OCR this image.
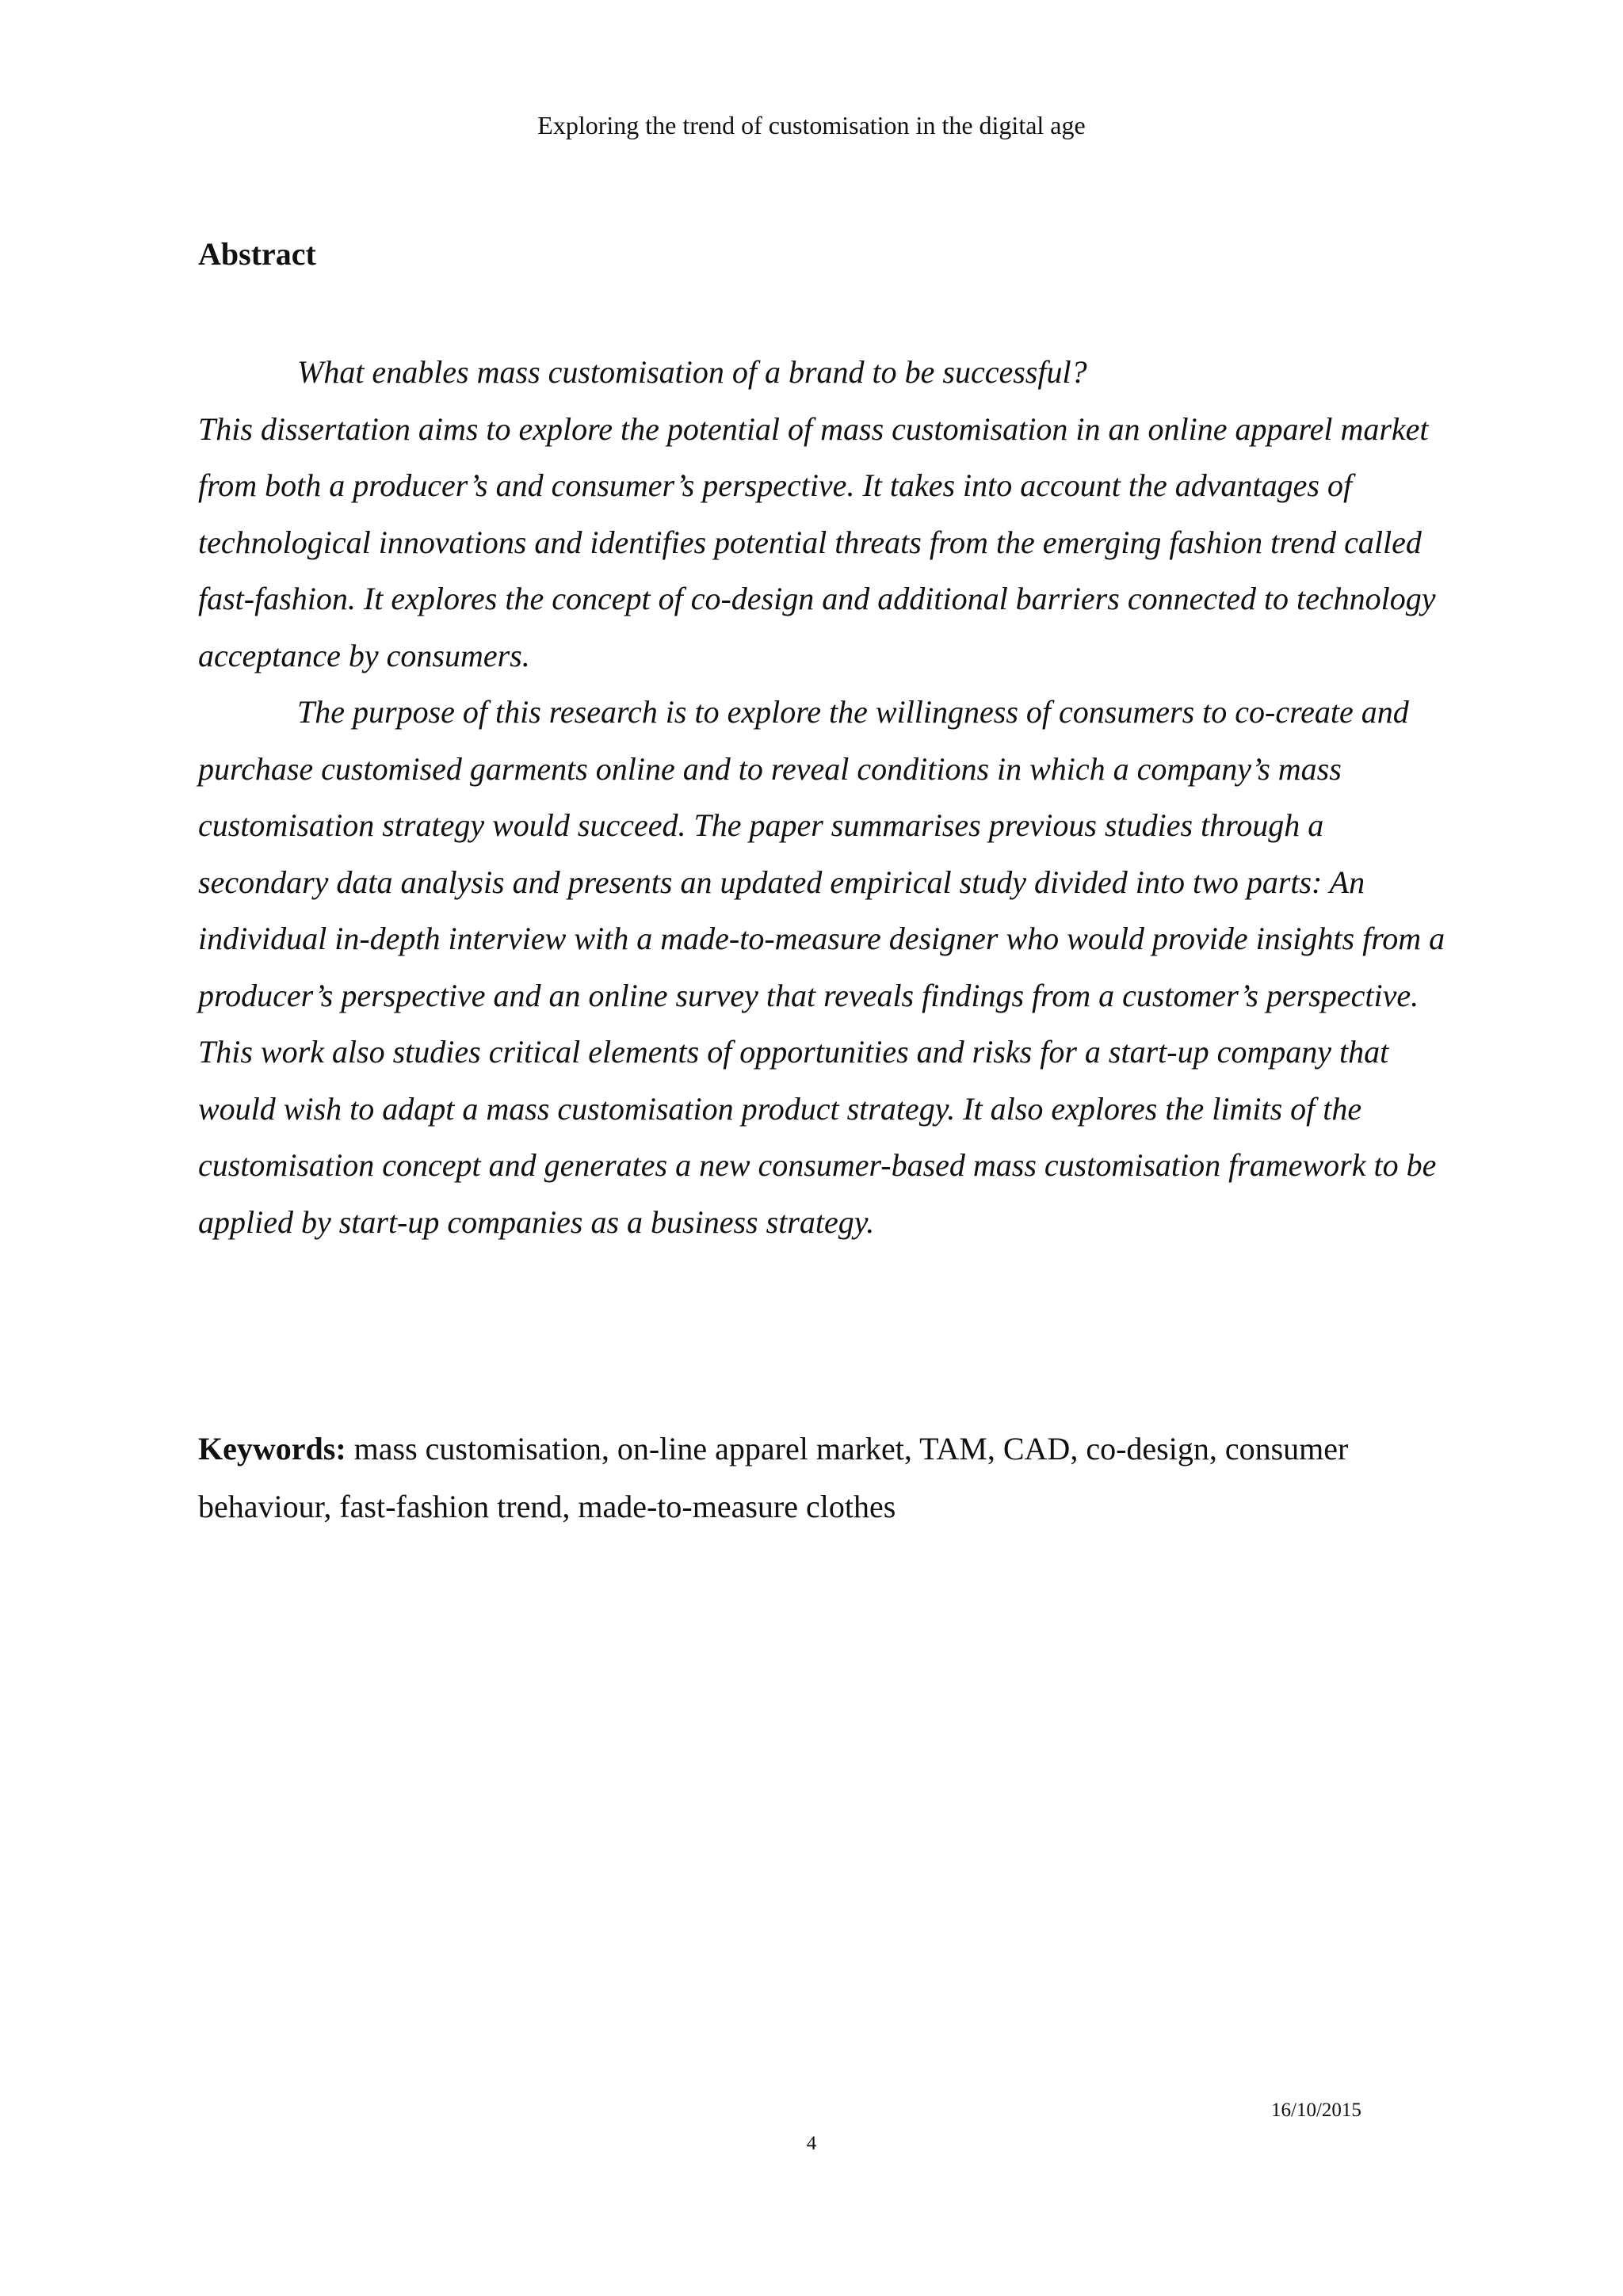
Exploring the trend of customisation in the digital age
Abstract

What enables mass customisation of a brand to be successful?

This dissertation aims to explore the potential of mass customisation in an online apparel market from both a producer’s and consumer’s perspective. It takes into account the advantages of technological innovations and identifies potential threats from the emerging fashion trend called fast-fashion. It explores the concept of co-design and additional barriers connected to technology acceptance by consumers.

The purpose of this research is to explore the willingness of consumers to co-create and purchase customised garments online and to reveal conditions in which a company’s mass customisation strategy would succeed. The paper summarises previous studies through a secondary data analysis and presents an updated empirical study divided into two parts: An individual in-depth interview with a made-to-measure designer who would provide insights from a producer’s perspective and an online survey that reveals findings from a customer’s perspective. This work also studies critical elements of opportunities and risks for a start-up company that would wish to adapt a mass customisation product strategy. It also explores the limits of the customisation concept and generates a new consumer-based mass customisation framework to be applied by start-up companies as a business strategy.

Keywords: mass customisation, on-line apparel market, TAM, CAD, co-design, consumer behaviour, fast-fashion trend, made-to-measure clothes
16/10/2015
4
